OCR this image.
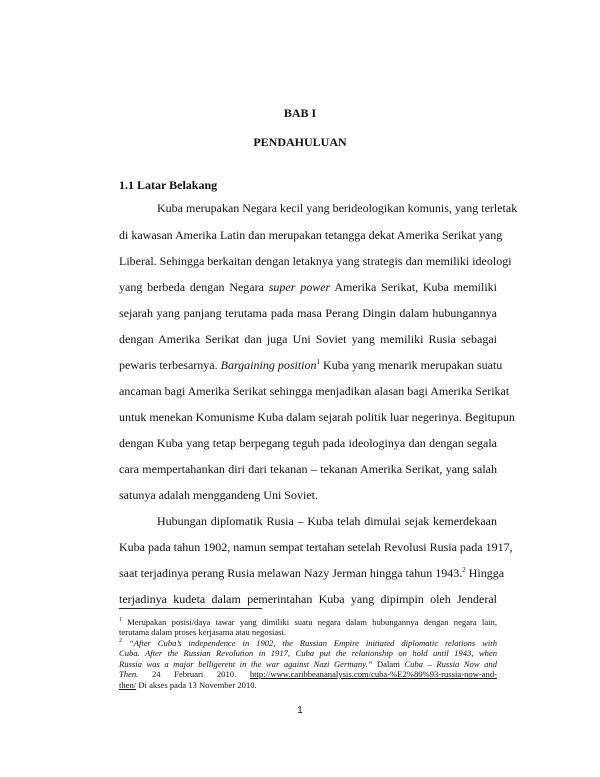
BAB I
PENDAHULUAN
1.1 Latar Belakang
Kuba merupakan Negara kecil yang berideologikan komunis, yang terletak
di kawasan Amerika Latin dan merupakan tetangga dekat Amerika Serikat yang
Liberal. Sehingga berkaitan dengan letaknya yang strategis dan memiliki ideologi
yang berbeda dengan Negara super power Amerika Serikat, Kuba memiliki
sejarah yang panjang terutama pada masa Perang Dingin dalam hubungannya
dengan Amerika Serikat dan juga Uni Soviet yang memiliki Rusia sebagai
pewaris terbesarnya. Bargaining position$^1$ Kuba yang menarik merupakan suatu
ancaman bagi Amerika Serikat sehingga menjadikan alasan bagi Amerika Serikat
untuk menekan Komunisme Kuba dalam sejarah politik luar negerinya. Begitupun
dengan Kuba yang tetap berpegang teguh pada ideologinya dan dengan segala
cara mempertahankan diri dari tekanan – tekanan Amerika Serikat, yang salah
satunya adalah menggandeng Uni Soviet.
Hubungan diplomatik Rusia – Kuba telah dimulai sejak kemerdekaan
Kuba pada tahun 1902, namun sempat tertahan setelah Revolusi Rusia pada 1917,
saat terjadinya perang Rusia melawan Nazy Jerman hingga tahun 1943.$^2$ Hingga
terjadinya kudeta dalam pemerintahan Kuba yang dipimpin oleh Jenderal
$^1$ Merupakan posisi/daya tawar yang dimiliki suatu negara dalam hubungannya dengan negara lain,
terutama dalam proses kerjasama atau negosiasi.
$^2$ “After Cuba’s independence in 1902, the Russian Empire initiated diplomatic relations with
Cuba. After the Russian Revolution in 1917, Cuba put the relationship on hold until 1943, when
Russia was a major belligerent in the war against Nazi Germany.” Dalam Cuba – Russia Now and
Then. 24 Februari 2010. http://www.caribbeananalysis.com/cuba-%E2%80%93-russia-now-and-
then/ Di akses pada 13 November 2010.
1
